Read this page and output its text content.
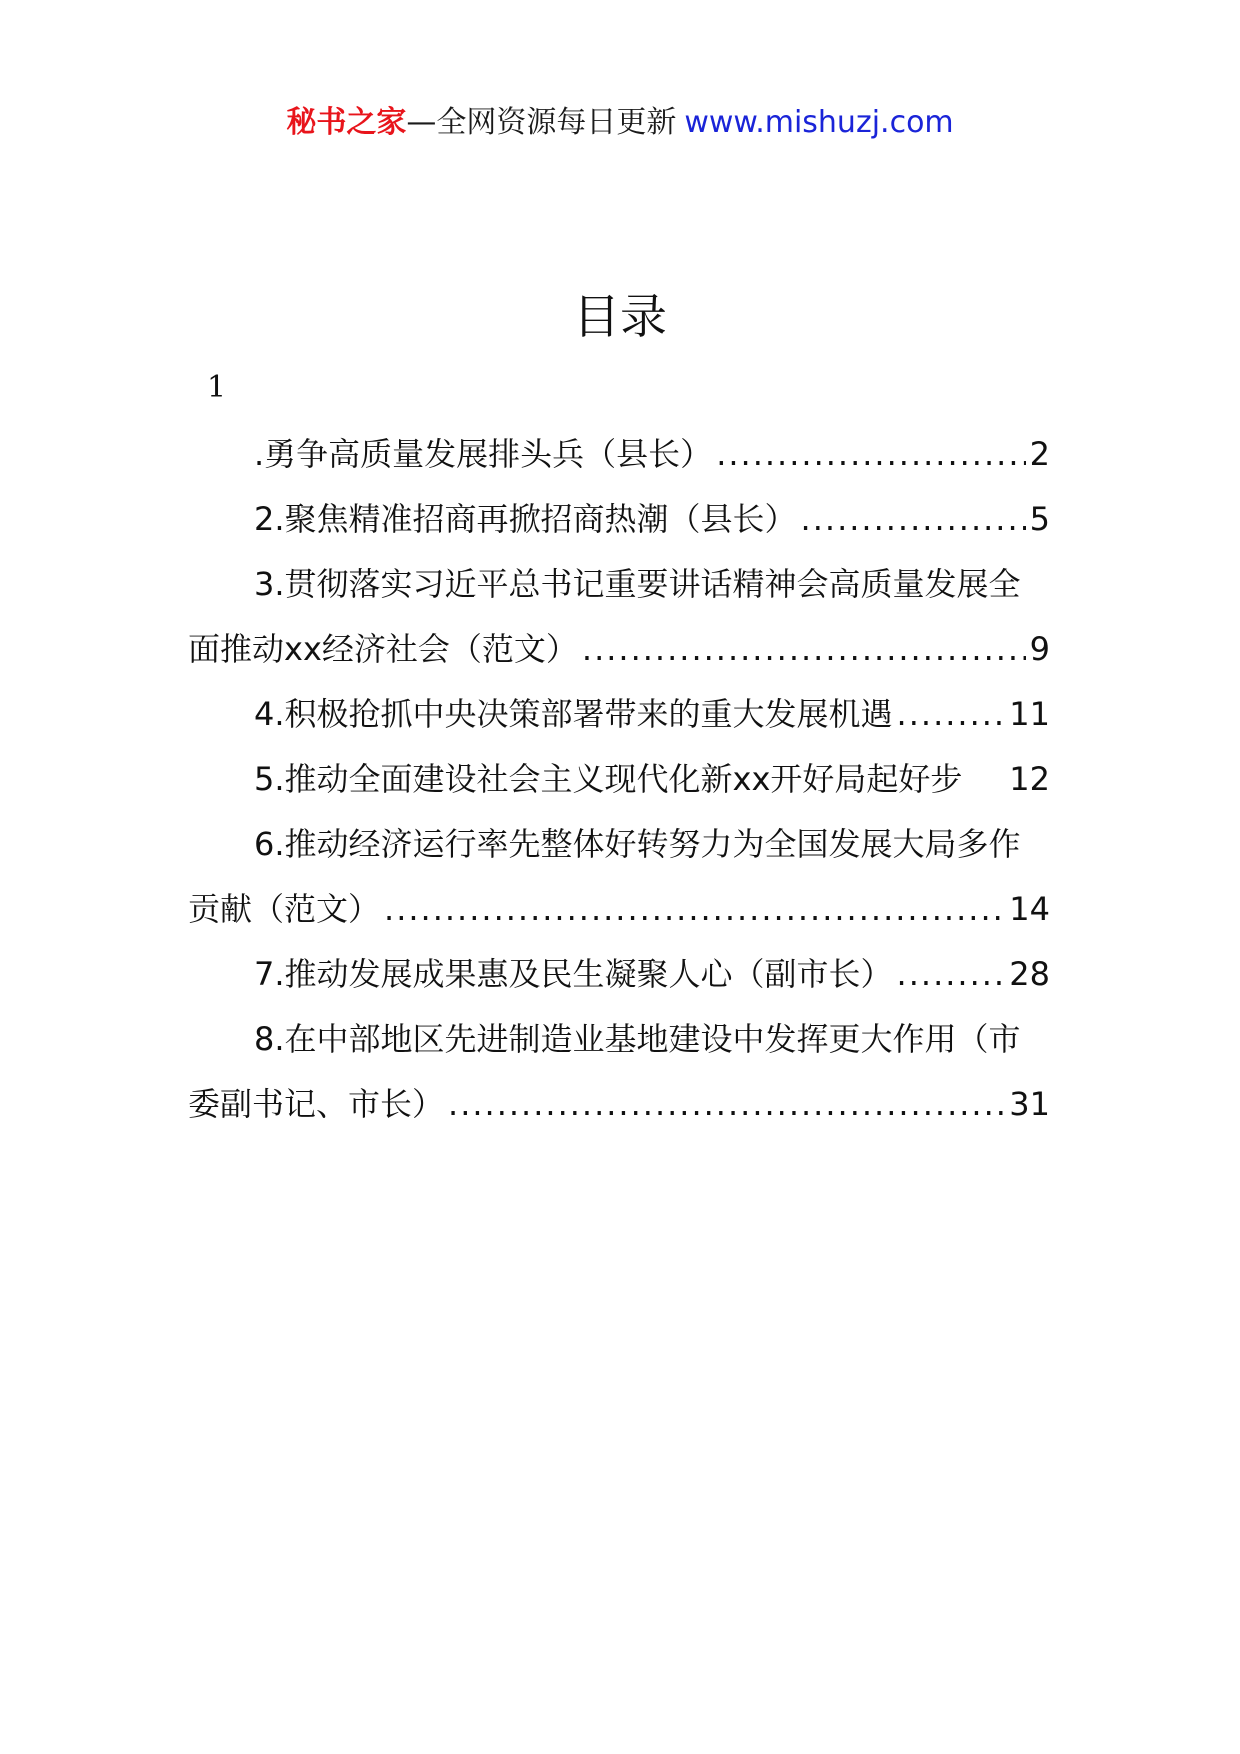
秘书之家—全网资源每日更新 www.mishuzj.com
目录
1
.勇争高质量发展排头兵（县长） .....	2
2.聚焦精准招商再掀招商热潮（县长） .....	5
3.贯彻落实习近平总书记重要讲话精神会高质量发展全
面推动xx经济社会（范文） .....	9
4.积极抢抓中央决策部署带来的重大发展机遇 .....	11
5.推动全面建设社会主义现代化新xx开好局起好步 12
6.推动经济运行率先整体好转努力为全国发展大局多作
贡献（范文） .....	14
7.推动发展成果惠及民生凝聚人心（副市长） .....	28
8.在中部地区先进制造业基地建设中发挥更大作用（市
委副书记、市长） .....	31
